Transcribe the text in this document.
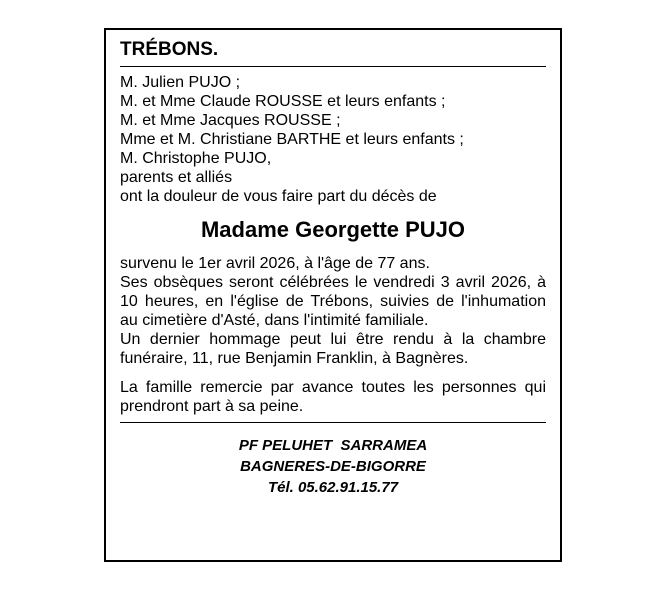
TRÉBONS.
M. Julien PUJO ;
M. et Mme Claude ROUSSE et leurs enfants ;
M. et Mme Jacques ROUSSE ;
Mme et M. Christiane BARTHE et leurs enfants ;
M. Christophe PUJO,
parents et alliés
ont la douleur de vous faire part du décès de
Madame Georgette PUJO

survenu le 1er avril 2026, à l'âge de 77 ans.

Ses obsèques seront célébrées le vendredi 3 avril 2026, à 10 heures, en l'église de Trébons, suivies de l'inhumation au cimetière d'Asté, dans l'intimité familiale.

Un dernier hommage peut lui être rendu à la chambre funéraire, 11, rue Benjamin Franklin, à Bagnères.

La famille remercie par avance toutes les personnes qui prendront part à sa peine.

PF PELUHET  SARRAMEA
BAGNERES-DE-BIGORRE
Tél. 05.62.91.15.77
